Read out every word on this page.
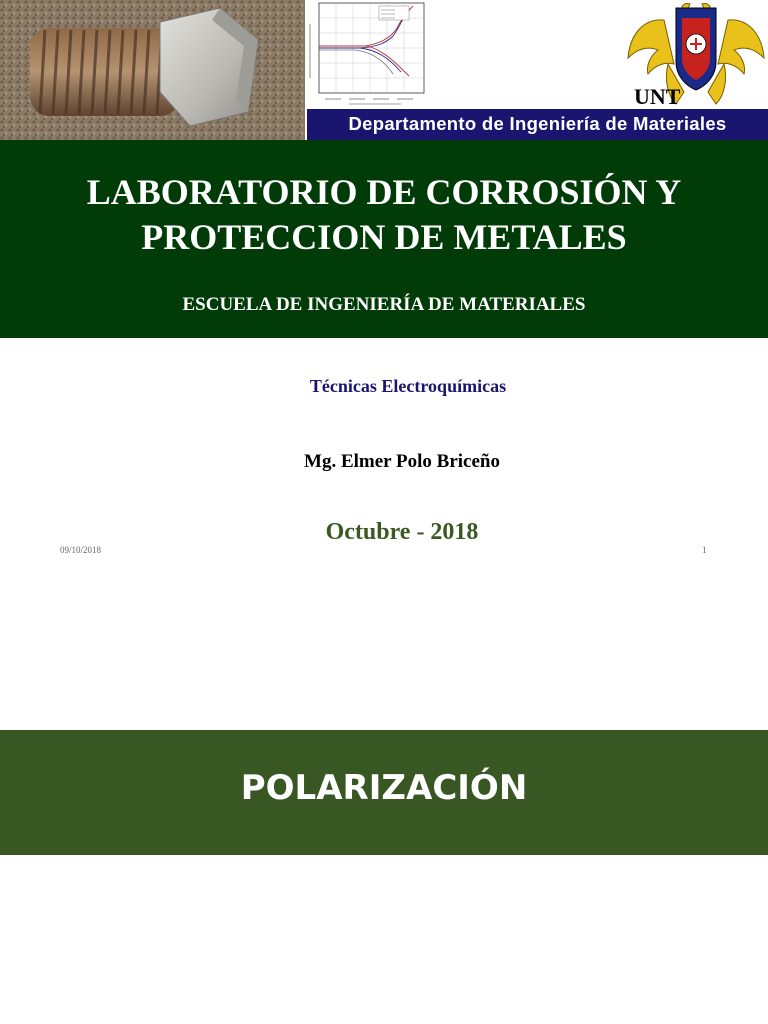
UNT
Departamento de Ingeniería de Materiales
LABORATORIO DE CORROSIÓN Y
PROTECCION DE METALES

ESCUELA DE INGENIERÍA DE MATERIALES

Técnicas Electroquímicas

Mg. Elmer Polo Briceño

Octubre - 2018

09/10/2018	1
POLARIZACIÓN
